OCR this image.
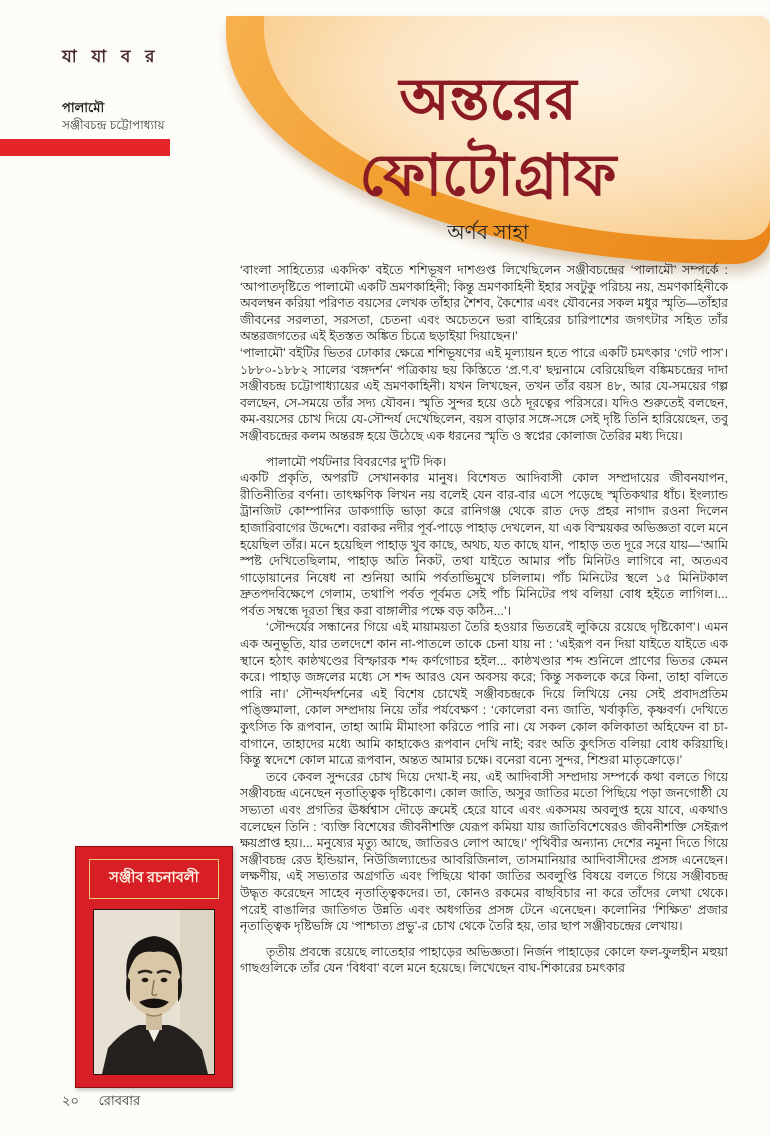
যা যা ব র
পালামৌ
সঞ্জীবচন্দ্র চট্টোপাধ্যায়	অন্তরের
ফোটোগ্রাফ
অর্ণব সাহা

‘বাংলা সাহিত্যের একদিক’ বইতে শশিভূষণ দাশগুপ্ত লিখেছিলেন সঞ্জীবচন্দ্রের ‘পালামৌ’ সম্পর্কে : ‘আপাতদৃষ্টিতে পালামৌ একটি ভ্রমণকাহিনী; কিন্তু ভ্রমণকাহিনী ইহার সবটুকু পরিচয় নয়, ভ্রমণকাহিনীকে অবলম্বন করিয়া পরিণত বয়সের লেখক তাঁহার শৈশব, কৈশোর এবং যৌবনের সকল মধুর স্মৃতি—তাঁহার জীবনের সরলতা, সরসতা, চেতনা এবং অচেতনে ভরা বাহিরের চারিপাশের জগৎটার সহিত তাঁর অন্তরজগতের এই ইতস্তত অঙ্কিত চিত্রে ছড়াইয়া দিয়াছেন।’

‘পালামৌ’ বইটির ভিতর ঢোকার ক্ষেত্রে শশিভূষণের এই মূল্যায়ন হতে পারে একটি চমৎকার ‘গেট পাস’। ১৮৮০-১৮৮২ সালের ‘বঙ্গদর্শন’ পত্রিকায় ছয় কিস্তিতে ‘প্র.ণ.ব’ ছদ্মনামে বেরিয়েছিল বঙ্কিমচন্দ্রের দাদা সঞ্জীবচন্দ্র চট্টোপাধ্যায়ের এই ভ্রমণকাহিনী। যখন লিখছেন, তখন তাঁর বয়স ৪৮, আর যে-সময়ের গল্প বলছেন, সে-সময়ে তাঁর সদ্য যৌবন। স্মৃতি সুন্দর হয়ে ওঠে দূরত্বের পরিসরে। যদিও শুরুতেই বলছেন, কম-বয়সের চোখ দিয়ে যে-সৌন্দর্য দেখেছিলেন, বয়স বাড়ার সঙ্গে-সঙ্গে সেই দৃষ্টি তিনি হারিয়েছেন, তবু সঞ্জীবচন্দ্রের কলম অন্তরঙ্গ হয়ে উঠেছে এক ধরনের স্মৃতি ও স্বপ্নের কোলাজ তৈরির মধ্য দিয়ে।

পালামৌ পর্যটনার বিবরণের দু’টি দিক।

একটি প্রকৃতি, অপরটি সেখানকার মানুষ। বিশেষত আদিবাসী কোল সম্প্রদায়ের জীবনযাপন, রীতিনীতির বর্ণনা। তাৎক্ষণিক লিখন নয় বলেই যেন বার-বার এসে পড়েছে স্মৃতিকথার ধাঁচ। ইংল্যান্ড ট্রানজিট কোম্পানির ডাকগাড়ি ভাড়া করে রানিগঞ্জ থেকে রাত দেড় প্রহর নাগাদ রওনা দিলেন হাজারিবাগের উদ্দেশে। বরাকর নদীর পূর্ব-পাড়ে পাহাড় দেখলেন, যা এক বিস্ময়কর অভিজ্ঞতা বলে মনে হয়েছিল তাঁর। মনে হয়েছিল পাহাড় খুব কাছে, অথচ, যত কাছে যান, পাহাড় তত দূরে সরে যায়—‘আমি স্পষ্ট দেখিতেছিলাম, পাহাড় অতি নিকট, তথা যাইতে আমার পাঁচ মিনিটও লাগিবে না, অতএব গাড়োয়ানের নিষেধ না শুনিয়া আমি পর্বতাভিমুখে চলিলাম। পাঁচ মিনিটের স্থলে ১৫ মিনিটকাল দ্রুতপদবিক্ষেপে গেলাম, তথাপি পর্বত পূর্বমত সেই পাঁচ মিনিটের পথ বলিয়া বোধ হইতে লাগিল।... পর্বত সম্বন্ধে দূরতা স্থির করা বাঙ্গালীর পক্ষে বড় কঠিন...’।

‘সৌন্দর্যের সন্ধানের গিয়ে এই মায়াময়তা তৈরি হওয়ার ভিতরেই লুকিয়ে রয়েছে দৃষ্টিকোণ’। এমন এক অনুভূতি, যার তলদেশে কান না-পাতলে তাকে চেনা যায় না : ‘এইরূপ বন দিয়া যাইতে যাইতে এক স্থানে হঠাৎ কাষ্ঠখণ্ডের বিস্ফারক শব্দ কর্ণগোচর হইল... কাষ্ঠখণ্ডার শব্দ শুনিলে প্রাণের ভিতর কেমন করে। পাহাড় জঙ্গলের মধ্যে সে শব্দ আরও যেন অবসয় করে; কিন্তু সকলকে করে কিনা, তাহা বলিতে পারি না।’ সৌন্দর্যদর্শনের এই বিশেষ চোখেই সঞ্জীবচন্দ্রকে দিয়ে লিখিয়ে নেয় সেই প্রবাদপ্রতিম পঙ্ক্তিমালা, কোল সম্প্রদায় নিয়ে তাঁর পর্যবেক্ষণ : ‘কোলেরা বন্য জাতি, খর্বাকৃতি, কৃষ্ণবর্ণ। দেখিতে কুৎসিত কি রূপবান, তাহা আমি মীমাংসা করিতে পারি না। যে সকল কোল কলিকাতা অহিফেন বা চা-বাগানে, তাহাদের মধ্যে আমি কাহাকেও রূপবান দেখি নাই; বরং অতি কুৎসিত বলিয়া বোধ করিয়াছি। কিন্তু স্বদেশে কোল মাত্রে রূপবান, অন্তত আমার চক্ষে। বনেরা বন্যে সুন্দর, শিশুরা মাতৃক্রোড়ে।’

তবে কেবল সুন্দরের চোখ দিয়ে দেখা-ই নয়, এই আদিবাসী সম্প্রদায় সম্পর্কে কথা বলতে গিয়ে সঞ্জীবচন্দ্র এনেছেন নৃতাত্ত্বিক দৃষ্টিকোণ। কোল জাতি, অসুর জাতির মতো পিছিয়ে পড়া জনগোষ্ঠী যে সভ্যতা এবং প্রগতির ঊর্ধ্বশ্বাস দৌড়ে ক্রমেই হেরে যাবে এবং একসময় অবলুপ্ত হয়ে যাবে, একথাও বলেছেন তিনি : ‘ব্যক্তি বিশেষের জীবনীশক্তি যেরূপ কমিয়া যায় জাতিবিশেষেরও জীবনীশক্তি সেইরূপ ক্ষয়প্রাপ্ত হয়।... মনুষ্যের মৃত্যু আছে, জাতিরও লোপ আছে।’ পৃথিবীর অন্যান্য দেশের নমুনা দিতে গিয়ে সঞ্জীবচন্দ্র রেড ইন্ডিয়ান, নিউজিল্যান্ডের আবরিজিনাল, তাসমানিয়ার আদিবাসীদের প্রসঙ্গ এনেছেন। লক্ষণীয়, এই সভ্যতার অগ্রগতি এবং পিছিয়ে থাকা জাতির অবলুপ্তি বিষয়ে বলতে গিয়ে সঞ্জীবচন্দ্র উদ্ধৃত করেছেন সাহেব নৃতাত্ত্বিকদের। তা, কোনও রকমের বাছবিচার না করে তাঁদের লেখা থেকে। পরেই বাঙালির জাতিগত উন্নতি এবং অধগতির প্রসঙ্গ টেনে এনেছেন। কলোনির ‘শিক্ষিত’ প্রজার নৃতাত্ত্বিক দৃষ্টিভঙ্গি যে ‘পাশ্চাত্য প্রভু’-র চোখ থেকে তৈরি হয়, তার ছাপ সঞ্জীবচন্দ্রের লেখায়।

তৃতীয় প্রবন্ধে রয়েছে লাতেহার পাহাড়ের অভিজ্ঞতা। নির্জন পাহাড়ের কোলে ফল-ফুলহীন মহুয়া গাছগুলিকে তাঁর যেন ‘বিধবা’ বলে মনে হয়েছে। লিখেছেন বাঘ-শিকারের চমৎকার

সঞ্জীব রচনাবলী
২০ রোববার
